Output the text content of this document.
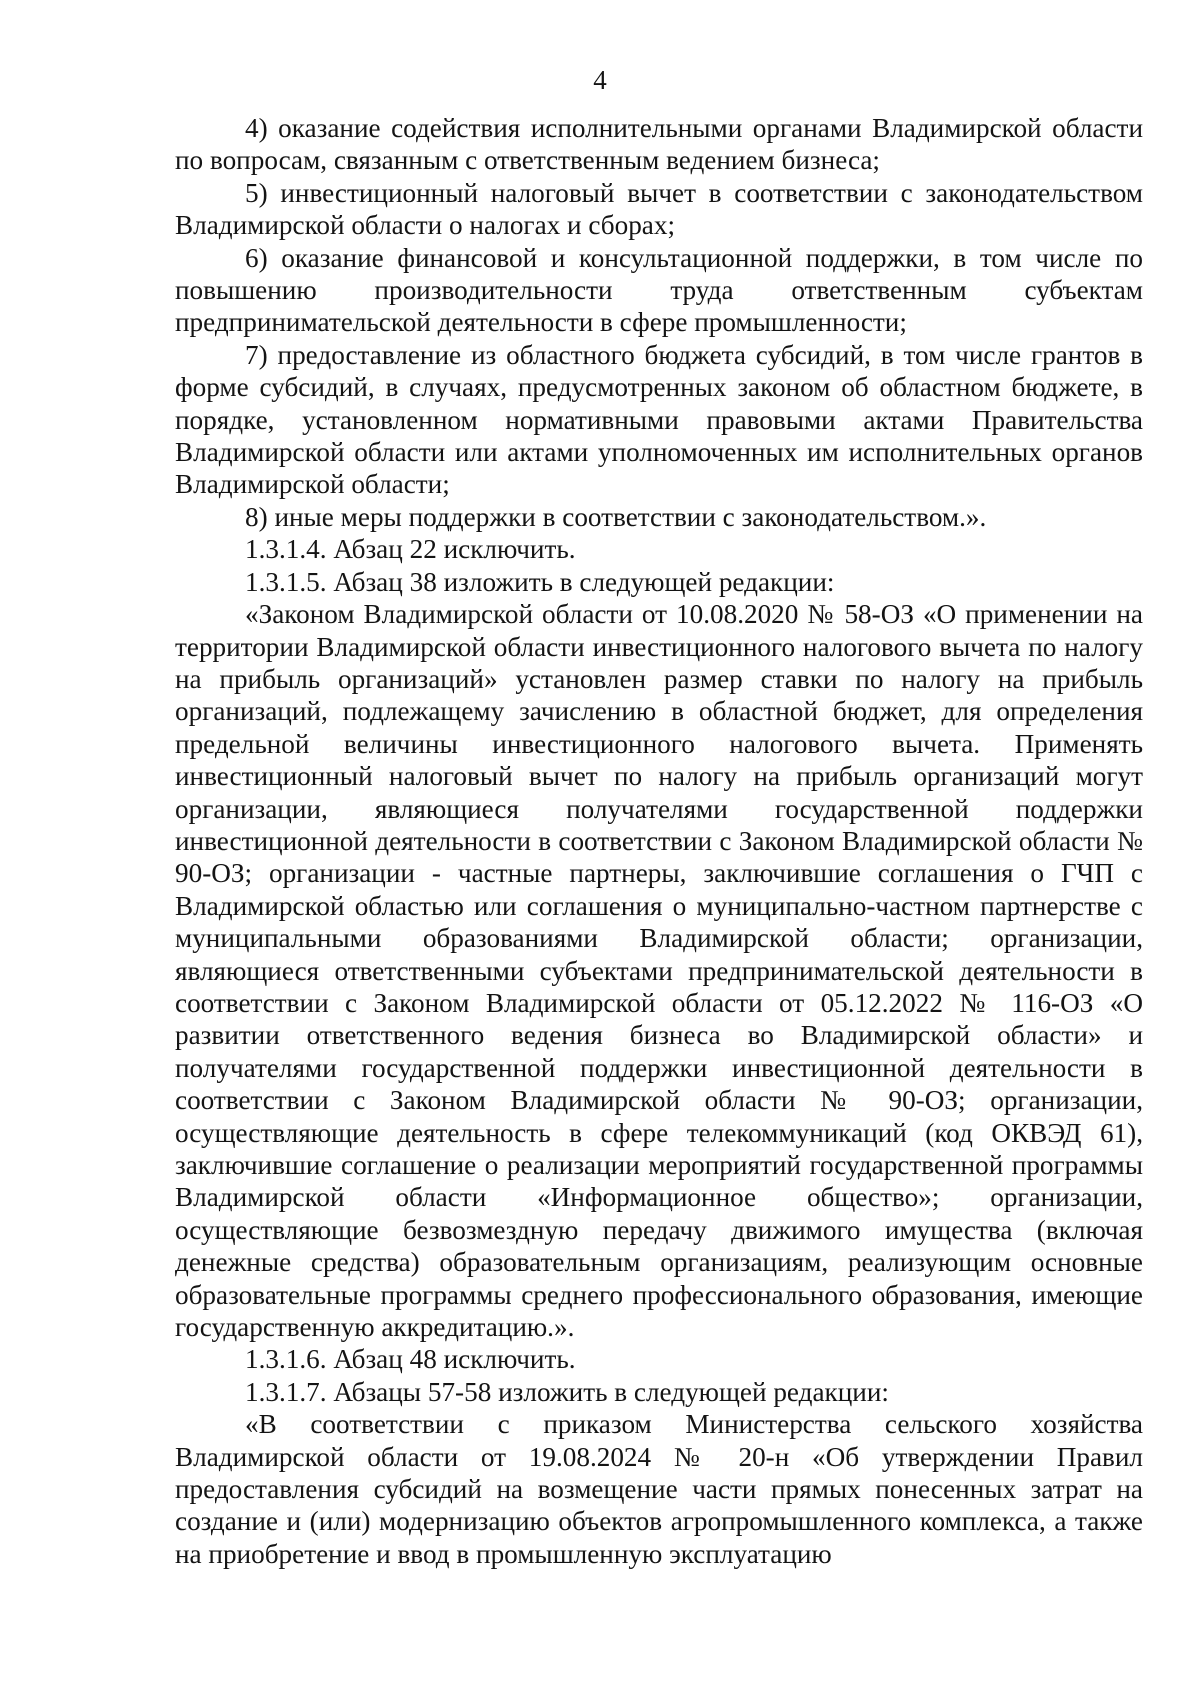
4

4) оказание содействия исполнительными органами Владимирской области по вопросам, связанным с ответственным ведением бизнеса;

5) инвестиционный налоговый вычет в соответствии с законодательством Владимирской области о налогах и сборах;

6) оказание финансовой и консультационной поддержки, в том числе по повышению производительности труда ответственным субъектам предпринимательской деятельности в сфере промышленности;

7) предоставление из областного бюджета субсидий, в том числе грантов в форме субсидий, в случаях, предусмотренных законом об областном бюджете, в порядке, установленном нормативными правовыми актами Правительства Владимирской области или актами уполномоченных им исполнительных органов Владимирской области;

8) иные меры поддержки в соответствии с законодательством.».

1.3.1.4. Абзац 22 исключить.

1.3.1.5. Абзац 38 изложить в следующей редакции:

«Законом Владимирской области от 10.08.2020 № 58-ОЗ «О применении на территории Владимирской области инвестиционного налогового вычета по налогу на прибыль организаций» установлен размер ставки по налогу на прибыль организаций, подлежащему зачислению в областной бюджет, для определения предельной величины инвестиционного налогового вычета. Применять инвестиционный налоговый вычет по налогу на прибыль организаций могут организации, являющиеся получателями государственной поддержки инвестиционной деятельности в соответствии с Законом Владимирской области № 90-ОЗ; организации - частные партнеры, заключившие соглашения о ГЧП с Владимирской областью или соглашения о муниципально-частном партнерстве с муниципальными образованиями Владимирской области; организации, являющиеся ответственными субъектами предпринимательской деятельности в соответствии с Законом Владимирской области от 05.12.2022 № 116-ОЗ «О развитии ответственного ведения бизнеса во Владимирской области» и получателями государственной поддержки инвестиционной деятельности в соответствии с Законом Владимирской области № 90-ОЗ; организации, осуществляющие деятельность в сфере телекоммуникаций (код ОКВЭД 61), заключившие соглашение о реализации мероприятий государственной программы Владимирской области «Информационное общество»; организации, осуществляющие безвозмездную передачу движимого имущества (включая денежные средства) образовательным организациям, реализующим основные образовательные программы среднего профессионального образования, имеющие государственную аккредитацию.».

1.3.1.6. Абзац 48 исключить.

1.3.1.7. Абзацы 57-58 изложить в следующей редакции:

«В соответствии с приказом Министерства сельского хозяйства Владимирской области от 19.08.2024 № 20-н «Об утверждении Правил предоставления субсидий на возмещение части прямых понесенных затрат на создание и (или) модернизацию объектов агропромышленного комплекса, а также на приобретение и ввод в промышленную эксплуатацию
